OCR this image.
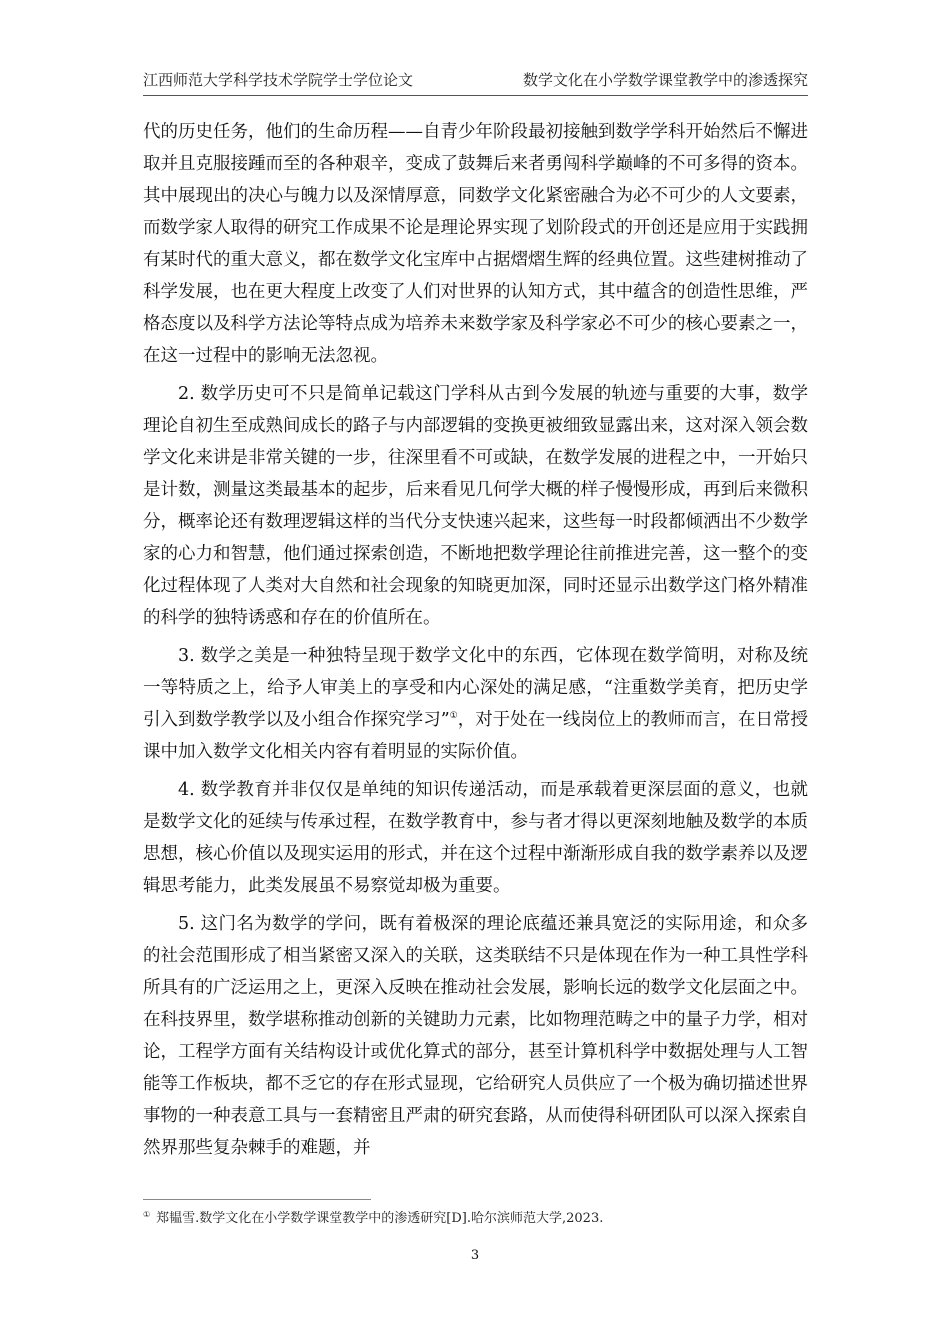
江西师范大学科学技术学院学士学位论文	数学文化在小学数学课堂教学中的渗透探究

代的历史任务，他们的生命历程——自青少年阶段最初接触到数学学科开始然后不懈进取并且克服接踵而至的各种艰辛，变成了鼓舞后来者勇闯科学巅峰的不可多得的资本。其中展现出的决心与魄力以及深情厚意，同数学文化紧密融合为必不可少的人文要素，而数学家人取得的研究工作成果不论是理论界实现了划阶段式的开创还是应用于实践拥有某时代的重大意义，都在数学文化宝库中占据熠熠生辉的经典位置。这些建树推动了科学发展，也在更大程度上改变了人们对世界的认知方式，其中蕴含的创造性思维，严格态度以及科学方法论等特点成为培养未来数学家及科学家必不可少的核心要素之一，在这一过程中的影响无法忽视。

2. 数学历史可不只是简单记载这门学科从古到今发展的轨迹与重要的大事，数学理论自初生至成熟间成长的路子与内部逻辑的变换更被细致显露出来，这对深入领会数学文化来讲是非常关键的一步，往深里看不可或缺，在数学发展的进程之中，一开始只是计数，测量这类最基本的起步，后来看见几何学大概的样子慢慢形成，再到后来微积分，概率论还有数理逻辑这样的当代分支快速兴起来，这些每一时段都倾洒出不少数学家的心力和智慧，他们通过探索创造，不断地把数学理论往前推进完善，这一整个的变化过程体现了人类对大自然和社会现象的知晓更加深，同时还显示出数学这门格外精准的科学的独特诱惑和存在的价值所在。

3. 数学之美是一种独特呈现于数学文化中的东西，它体现在数学简明，对称及统一等特质之上，给予人审美上的享受和内心深处的满足感，“注重数学美育，把历史学引入到数学教学以及小组合作探究学习”①，对于处在一线岗位上的教师而言，在日常授课中加入数学文化相关内容有着明显的实际价值。

4. 数学教育并非仅仅是单纯的知识传递活动，而是承载着更深层面的意义，也就是数学文化的延续与传承过程，在数学教育中，参与者才得以更深刻地触及数学的本质思想，核心价值以及现实运用的形式，并在这个过程中渐渐形成自我的数学素养以及逻辑思考能力，此类发展虽不易察觉却极为重要。

5. 这门名为数学的学问，既有着极深的理论底蕴还兼具宽泛的实际用途，和众多的社会范围形成了相当紧密又深入的关联，这类联结不只是体现在作为一种工具性学科所具有的广泛运用之上，更深入反映在推动社会发展，影响长远的数学文化层面之中。在科技界里，数学堪称推动创新的关键助力元素，比如物理范畴之中的量子力学，相对论，工程学方面有关结构设计或优化算式的部分，甚至计算机科学中数据处理与人工智能等工作板块，都不乏它的存在形式显现，它给研究人员供应了一个极为确切描述世界事物的一种表意工具与一套精密且严肃的研究套路，从而使得科研团队可以深入探索自然界那些复杂棘手的难题，并

① 郑韫雪.数学文化在小学数学课堂教学中的渗透研究[D].哈尔滨师范大学,2023.
3
